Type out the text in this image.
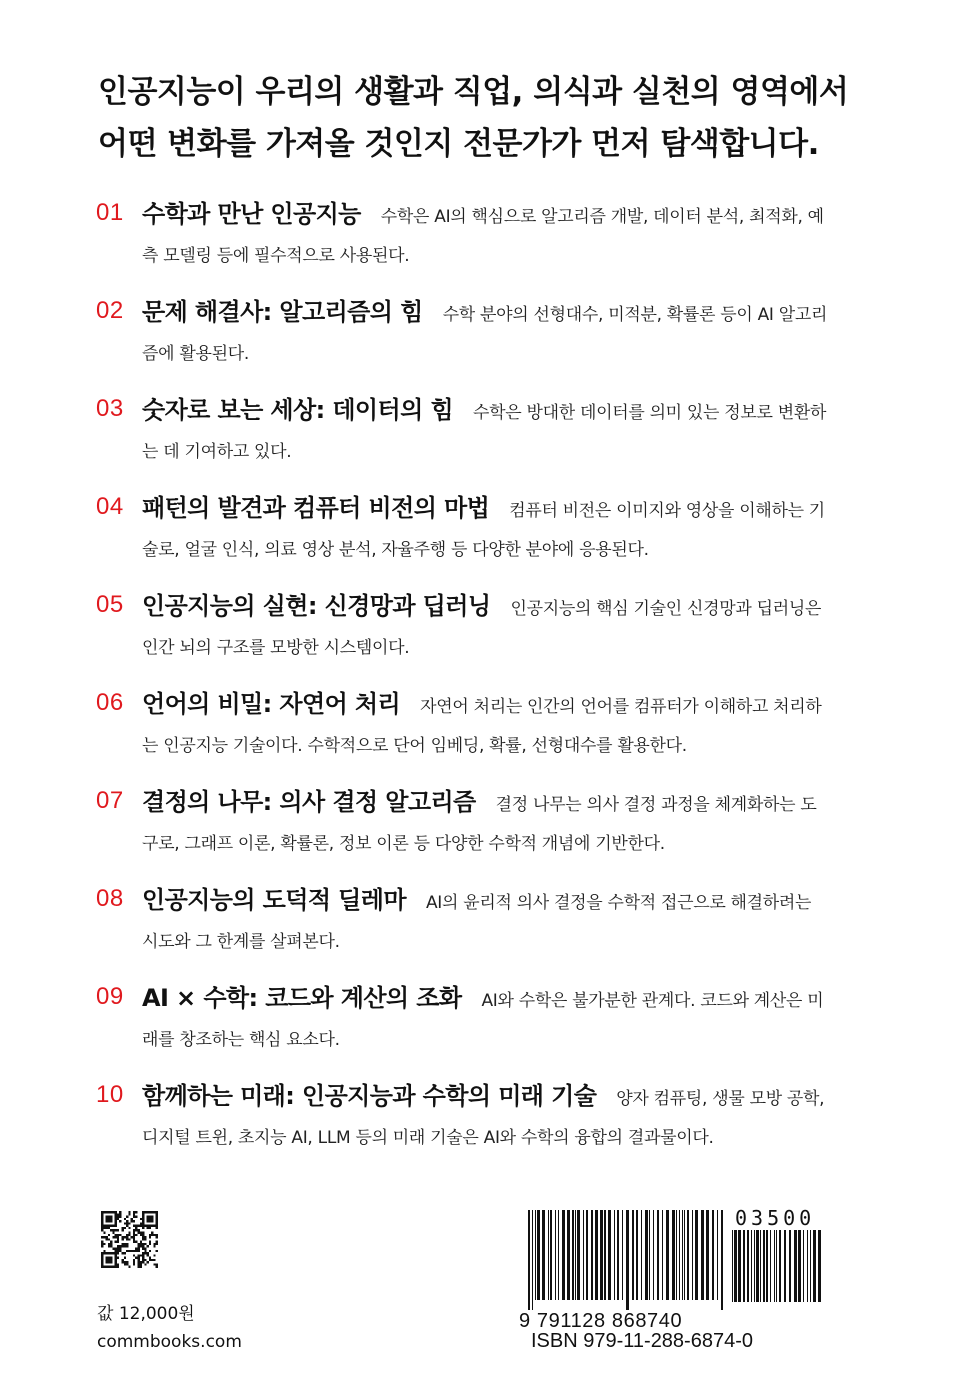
인공지능이 우리의 생활과 직업, 의식과 실천의 영역에서
어떤 변화를 가져올 것인지 전문가가 먼저 탐색합니다.
01 수학과 만난 인공지능 수학은 AI의 핵심으로 알고리즘 개발, 데이터 분석, 최적화, 예측 모델링 등에 필수적으로 사용된다.
02 문제 해결사: 알고리즘의 힘 수학 분야의 선형대수, 미적분, 확률론 등이 AI 알고리즘에 활용된다.
03 숫자로 보는 세상: 데이터의 힘 수학은 방대한 데이터를 의미 있는 정보로 변환하는 데 기여하고 있다.
04 패턴의 발견과 컴퓨터 비전의 마법 컴퓨터 비전은 이미지와 영상을 이해하는 기술로, 얼굴 인식, 의료 영상 분석, 자율주행 등 다양한 분야에 응용된다.
05 인공지능의 실현: 신경망과 딥러닝 인공지능의 핵심 기술인 신경망과 딥러닝은 인간 뇌의 구조를 모방한 시스템이다.
06 언어의 비밀: 자연어 처리 자연어 처리는 인간의 언어를 컴퓨터가 이해하고 처리하는 인공지능 기술이다. 수학적으로 단어 임베딩, 확률, 선형대수를 활용한다.
07 결정의 나무: 의사 결정 알고리즘 결정 나무는 의사 결정 과정을 체계화하는 도구로, 그래프 이론, 확률론, 정보 이론 등 다양한 수학적 개념에 기반한다.
08 인공지능의 도덕적 딜레마 AI의 윤리적 의사 결정을 수학적 접근으로 해결하려는 시도와 그 한계를 살펴본다.
09 AI × 수학: 코드와 계산의 조화 AI와 수학은 불가분한 관계다. 코드와 계산은 미래를 창조하는 핵심 요소다.
10 함께하는 미래: 인공지능과 수학의 미래 기술 양자 컴퓨팅, 생물 모방 공학, 디지털 트윈, 초지능 AI, LLM 등의 미래 기술은 AI와 수학의 융합의 결과물이다.
값 12,000원
commbooks.com
03500
9 791128 868740
ISBN 979-11-288-6874-0
